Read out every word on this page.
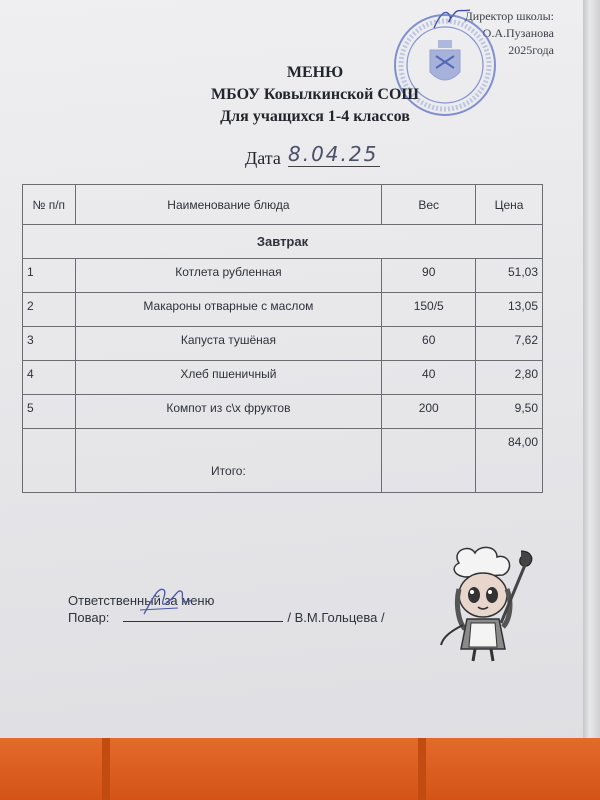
Директор школы:
О.А.Пузанова
2025года
МЕНЮ
МБОУ Ковылкинской СОШ
Для учащихся 1-4 классов
Дата 8.04.25
№ п/п	Наименование блюда	Вес	Цена
Завтрак			
1	Котлета рубленная	90	51,03
2	Макароны отварные с маслом	150/5	13,05
3	Капуста тушёная	60	7,62
4	Хлеб пшеничный	40	2,80
5	Компот из с\х фруктов	200	9,50
	Итого:		84,00
Ответственный за меню
Повар:	/ В.М.Гольцева /
